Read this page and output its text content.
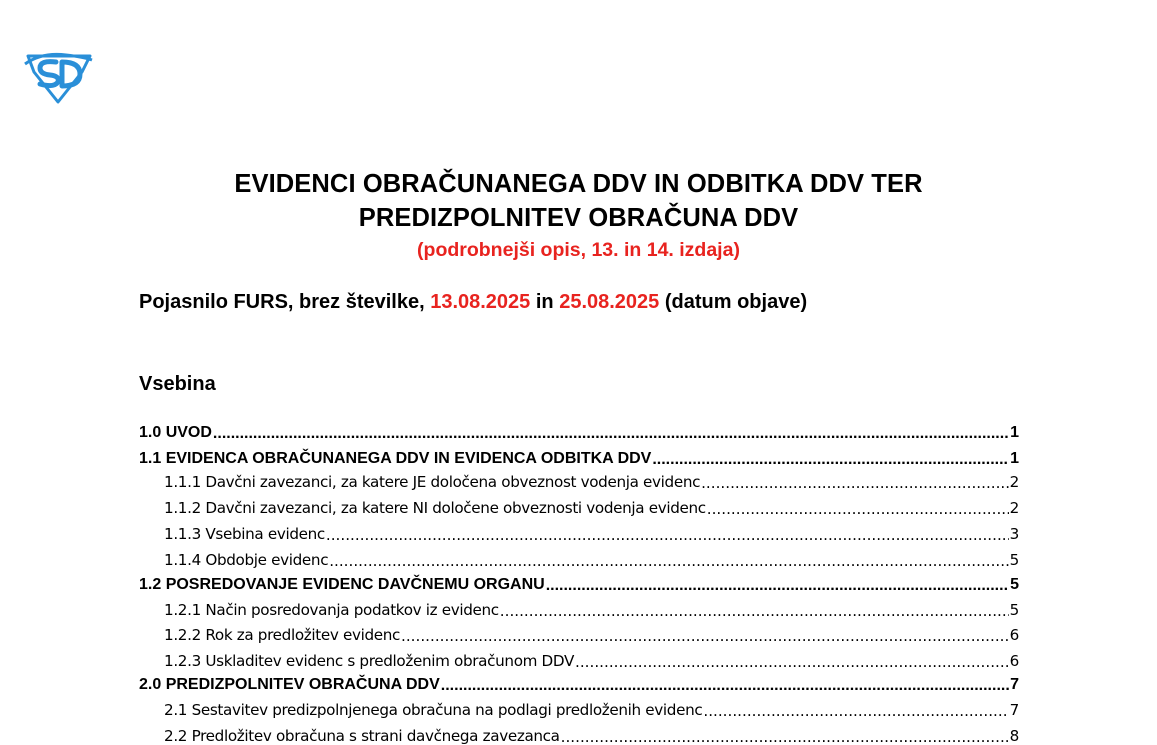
EVIDENCI OBRAČUNANEGA DDV IN ODBITKA DDV TER
PREDIZPOLNITEV OBRAČUNA DDV
(podrobnejši opis, 13. in 14. izdaja)
Pojasnilo FURS, brez številke, 13.08.2025 in 25.08.2025 (datum objave)
Vsebina
1.0 UVOD .....	1
1.1 EVIDENCA OBRAČUNANEGA DDV IN EVIDENCA ODBITKA DDV .....	1
1.1.1 Davčni zavezanci, za katere JE določena obveznost vodenja evidenc .....	2
1.1.2 Davčni zavezanci, za katere NI določene obveznosti vodenja evidenc .....	2
1.1.3 Vsebina evidenc .....	3
1.1.4 Obdobje evidenc .....	5
1.2 POSREDOVANJE EVIDENC DAVČNEMU ORGANU .....	5
1.2.1 Način posredovanja podatkov iz evidenc .....	5
1.2.2 Rok za predložitev evidenc .....	6
1.2.3 Uskladitev evidenc s predloženim obračunom DDV .....	6
2.0 PREDIZPOLNITEV OBRAČUNA DDV .....	7
2.1 Sestavitev predizpolnjenega obračuna na podlagi predloženih evidenc .....	7
2.2 Predložitev obračuna s strani davčnega zavezanca .....	8
